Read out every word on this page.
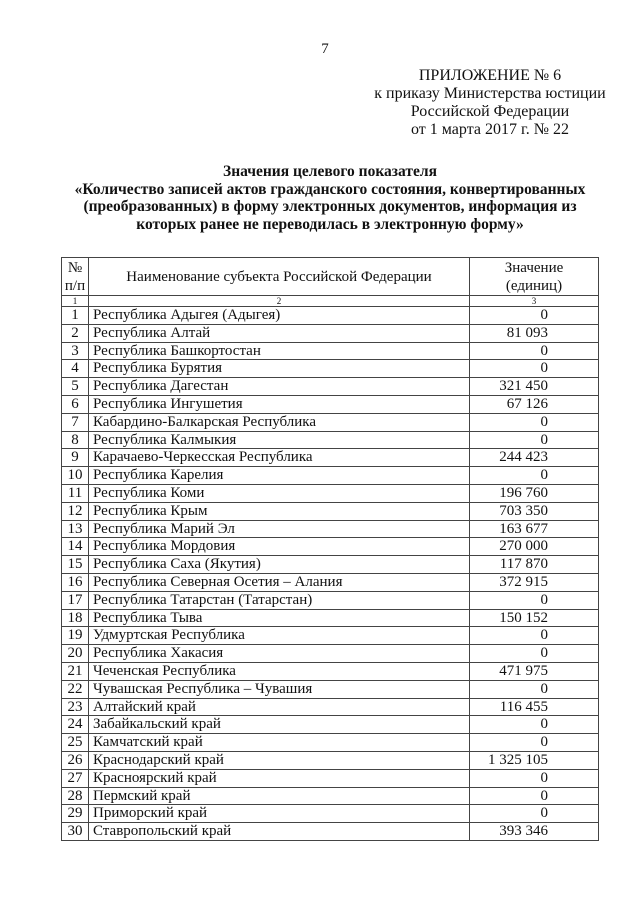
7
ПРИЛОЖЕНИЕ № 6
к приказу Министерства юстиции
Российской Федерации
от 1 марта 2017 г. № 22
Значения целевого показателя
«Количество записей актов гражданского состояния, конвертированных
(преобразованных) в форму электронных документов, информация из
которых ранее не переводилась в электронную форму»
№
п/п	Наименование субъекта Российской Федерации	Значение
(единиц)
1	2	3
1	Республика Адыгея (Адыгея)	0
2	Республика Алтай	81 093
3	Республика Башкортостан	0
4	Республика Бурятия	0
5	Республика Дагестан	321 450
6	Республика Ингушетия	67 126
7	Кабардино-Балкарская Республика	0
8	Республика Калмыкия	0
9	Карачаево-Черкесская Республика	244 423
10	Республика Карелия	0
11	Республика Коми	196 760
12	Республика Крым	703 350
13	Республика Марий Эл	163 677
14	Республика Мордовия	270 000
15	Республика Саха (Якутия)	117 870
16	Республика Северная Осетия – Алания	372 915
17	Республика Татарстан (Татарстан)	0
18	Республика Тыва	150 152
19	Удмуртская Республика	0
20	Республика Хакасия	0
21	Чеченская Республика	471 975
22	Чувашская Республика – Чувашия	0
23	Алтайский край	116 455
24	Забайкальский край	0
25	Камчатский край	0
26	Краснодарский край	1 325 105
27	Красноярский край	0
28	Пермский край	0
29	Приморский край	0
30	Ставропольский край	393 346
